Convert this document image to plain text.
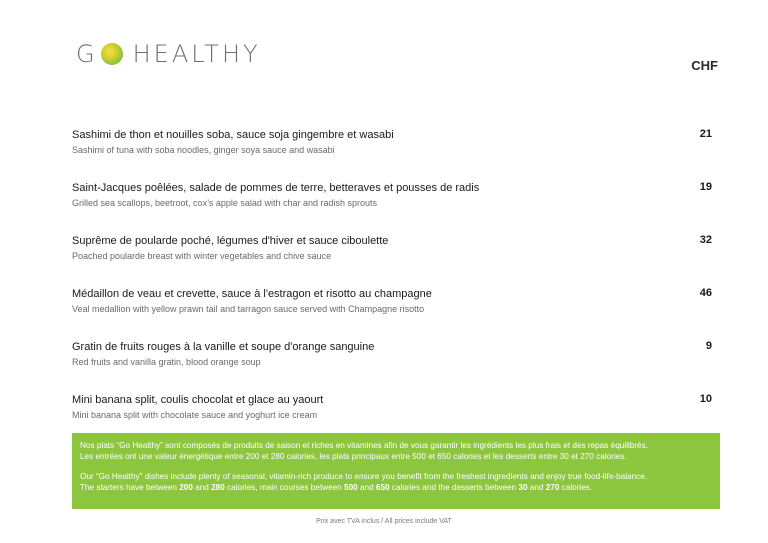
G HEALTHY	CHF
Sashimi de thon et nouilles soba, sauce soja gingembre et wasabi
Sashimi of tuna with soba noodles, ginger soya sauce and wasabi
21
Saint-Jacques poêlées, salade de pommes de terre, betteraves et pousses de radis
Grilled sea scallops, beetroot, cox’s apple salad with char and radish sprouts
19
Suprême de poularde poché, légumes d'hiver et sauce ciboulette
Poached poularde breast with winter vegetables and chive sauce
32
Médaillon de veau et crevette, sauce à l'estragon et risotto au champagne
Veal medallion with yellow prawn tail and tarragon sauce served with Champagne risotto
46
Gratin de fruits rouges à la vanille et soupe d'orange sanguine
Red fruits and vanilla gratin, blood orange soup
9
Mini banana split, coulis chocolat et glace au yaourt
Mini banana split with chocolate sauce and yoghurt ice cream
10

Nos plats “Go Healthy” sont composés de produits de saison et riches en vitamines afin de vous garantir les ingrédients les plus frais et des repas équilibrés.
Les entrées ont une valeur énergétique entre 200 et 280 calories, les plats principaux entre 500 et 650 calories et les desserts entre 30 et 270 calories.

Our “Go Healthy” dishes include plenty of seasonal, vitamin-rich produce to ensure you benefit from the freshest ingredients and enjoy true food-life-balance.
The starters have between 200 and 280 calories, main courses between 500 and 650 calories and the desserts between 30 and 270 calories.

Prix avec TVA inclus / All prices include VAT
